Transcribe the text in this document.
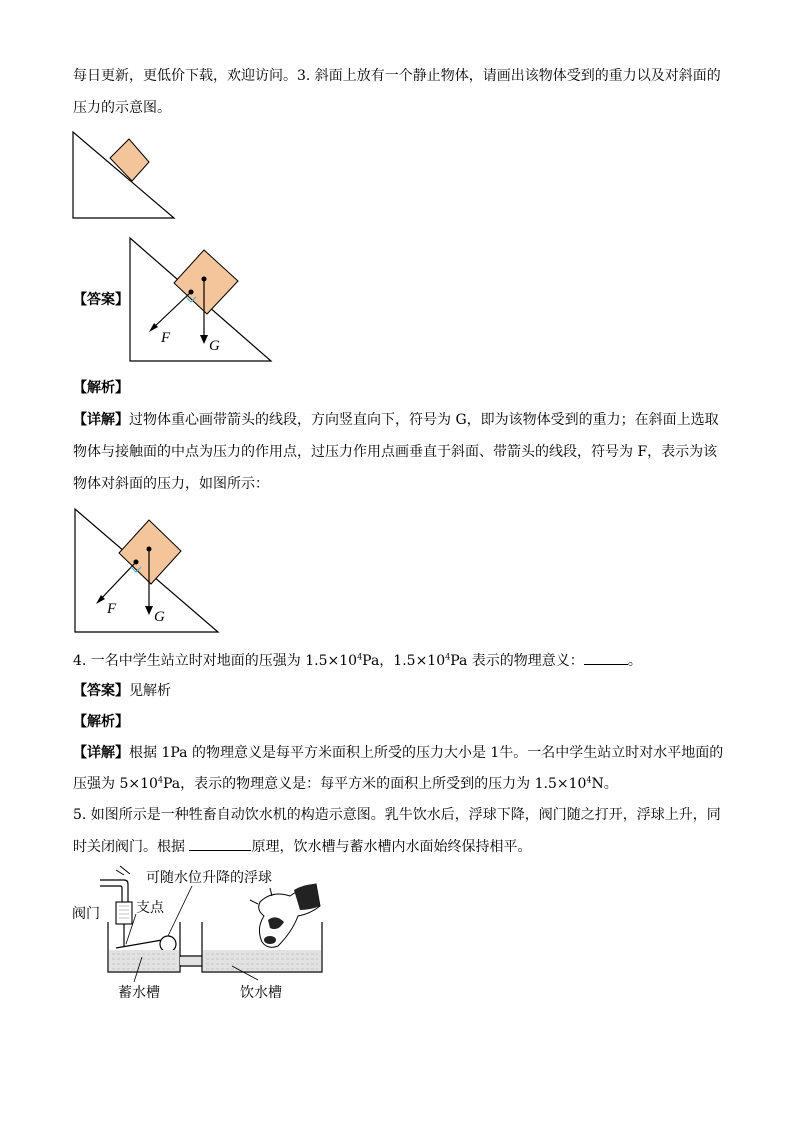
每日更新，更低价下载，欢迎访问。3. 斜面上放有一个静止物体，请画出该物体受到的重力以及对斜面的
压力的示意图。
【答案】
F	G
【解析】
【详解】过物体重心画带箭头的线段，方向竖直向下，符号为 G，即为该物体受到的重力；在斜面上选取
物体与接触面的中点为压力的作用点，过压力作用点画垂直于斜面、带箭头的线段，符号为 F，表示为该
物体对斜面的压力，如图所示：
F	G
4. 一名中学生站立时对地面的压强为 $1.5\times 10^4Pa$，$1.5\times 10^4Pa$ 表示的物理意义：	。
【答案】见解析
【解析】
【详解】根据 1Pa 的物理意义是每平方米面积上所受的压力大小是 1牛。一名中学生站立时对水平地面的
压强为 $5\times 10^4Pa$，表示的物理意义是：每平方米的面积上所受到的压力为 $1.5\times 10^4N$。
5. 如图所示是一种牲畜自动饮水机的构造示意图。乳牛饮水后，浮球下降，阀门随之打开，浮球上升，同
时关闭阀门。根据	原理，饮水槽与蓄水槽内水面始终保持相平。
可随水位升降的浮球
阀门	支点
蓄水槽	饮水槽
